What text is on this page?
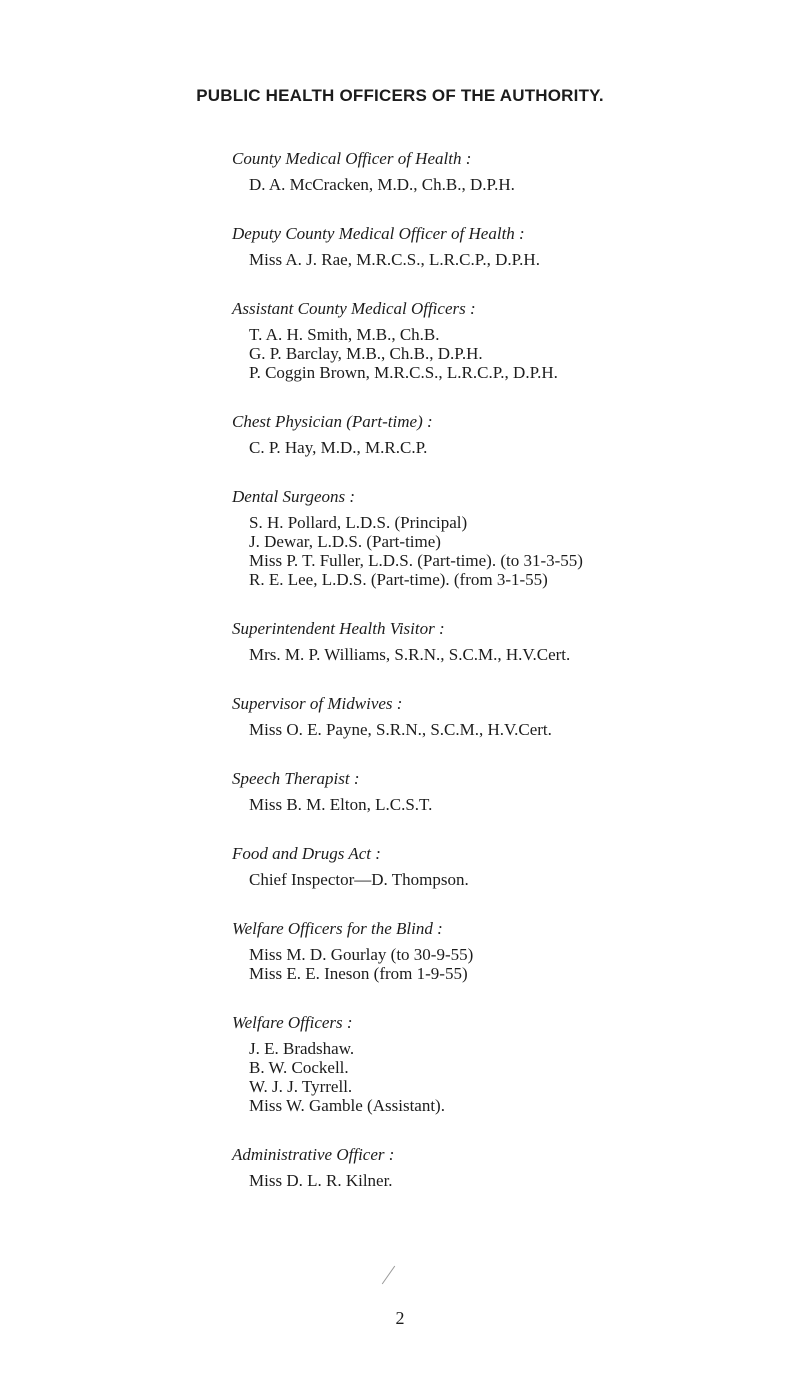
PUBLIC HEALTH OFFICERS OF THE AUTHORITY.
County Medical Officer of Health :
D. A. McCracken, M.D., Ch.B., D.P.H.
Deputy County Medical Officer of Health :
Miss A. J. Rae, M.R.C.S., L.R.C.P., D.P.H.
Assistant County Medical Officers :
T. A. H. Smith, M.B., Ch.B.
G. P. Barclay, M.B., Ch.B., D.P.H.
P. Coggin Brown, M.R.C.S., L.R.C.P., D.P.H.
Chest Physician (Part-time) :
C. P. Hay, M.D., M.R.C.P.
Dental Surgeons :
S. H. Pollard, L.D.S. (Principal)
J. Dewar, L.D.S. (Part-time)
Miss P. T. Fuller, L.D.S. (Part-time). (to 31-3-55)
R. E. Lee, L.D.S. (Part-time). (from 3-1-55)
Superintendent Health Visitor :
Mrs. M. P. Williams, S.R.N., S.C.M., H.V.Cert.
Supervisor of Midwives :
Miss O. E. Payne, S.R.N., S.C.M., H.V.Cert.
Speech Therapist :
Miss B. M. Elton, L.C.S.T.
Food and Drugs Act :
Chief Inspector—D. Thompson.
Welfare Officers for the Blind :
Miss M. D. Gourlay (to 30-9-55)
Miss E. E. Ineson (from 1-9-55)
Welfare Officers :
J. E. Bradshaw.
B. W. Cockell.
W. J. J. Tyrrell.
Miss W. Gamble (Assistant).
Administrative Officer :
Miss D. L. R. Kilner.
2
